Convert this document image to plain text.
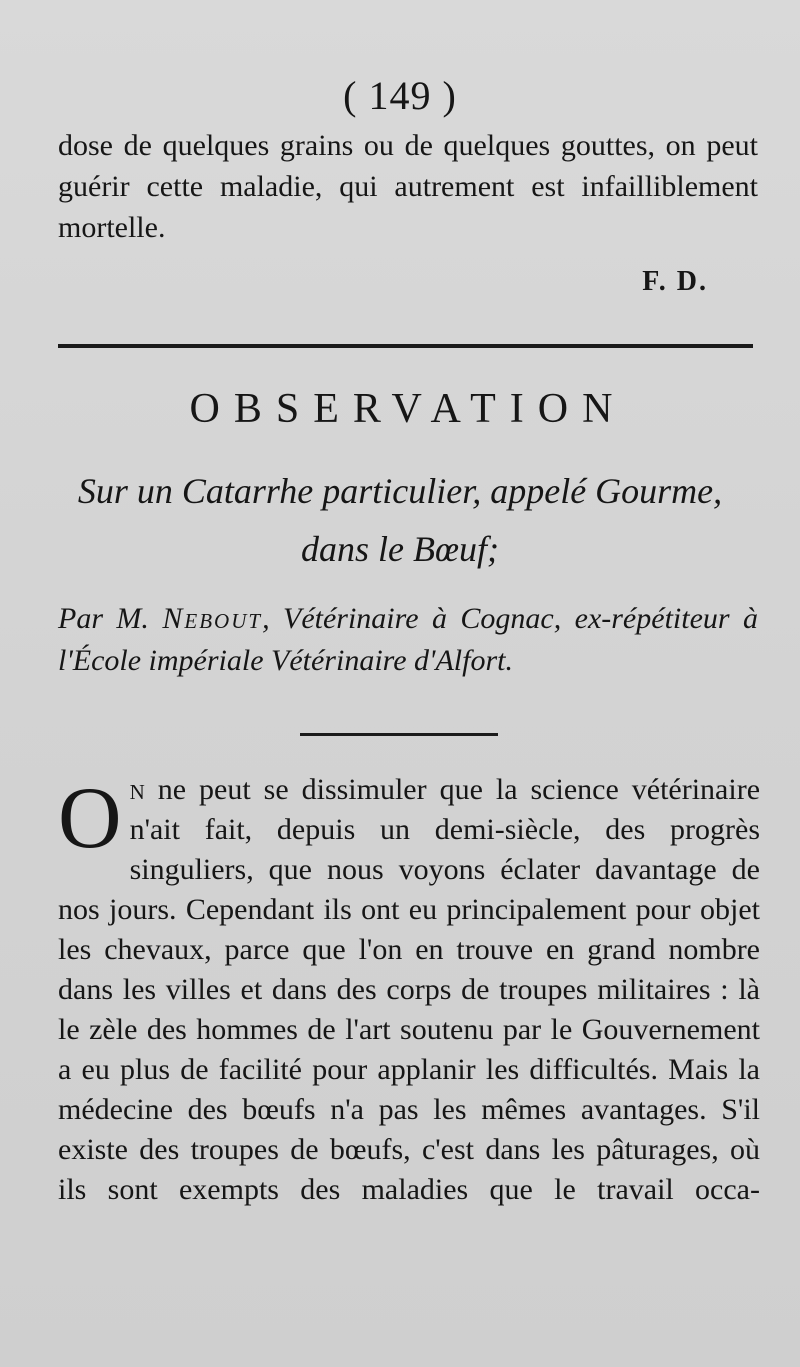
( 149 )

dose de quelques grains ou de quelques gouttes, on peut guérir cette maladie, qui autrement est infailliblement mortelle.

F. D.
OBSERVATION
Sur un Catarrhe particulier, appelé Gourme, dans le Bœuf;
Par M. Nebout, Vétérinaire à Cognac, ex-répétiteur à l'École impériale Vétérinaire d'Alfort.
On ne peut se dissimuler que la science vétérinaire n'ait fait, depuis un demi-siècle, des progrès singuliers, que nous voyons éclater davantage de nos jours. Cependant ils ont eu principalement pour objet les chevaux, parce que l'on en trouve en grand nombre dans les villes et dans des corps de troupes militaires : là le zèle des hommes de l'art soutenu par le Gouvernement a eu plus de facilité pour applanir les difficultés. Mais la médecine des bœufs n'a pas les mêmes avantages. S'il existe des troupes de bœufs, c'est dans les pâturages, où ils sont exempts des maladies que le travail occa-
